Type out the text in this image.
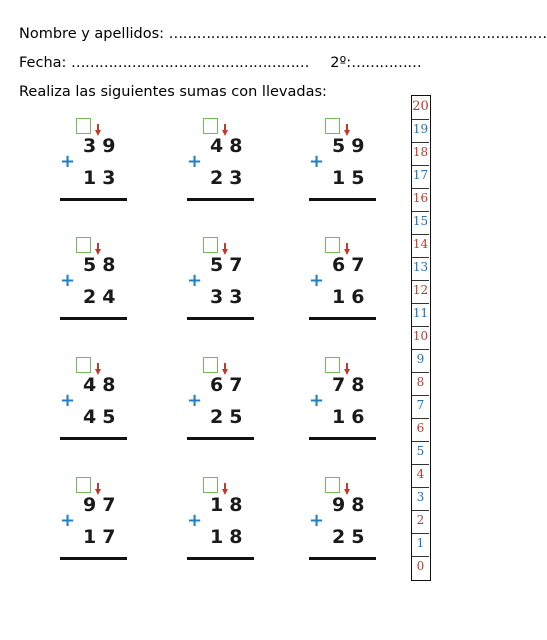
Nombre y apellidos: ………………………………………………………………………
Fecha: …………………………………………… 2º:……………
Realiza las siguientes sumas con llevadas:
39
+
13
48
+
23
59
+
15
58
+
24
57
+
33
67
+
16
48
+
45
67
+
25
78
+
16
97
+
17
18
+
18
98
+
25
20
19
18
17
16
15
14
13
12
11
10
9
8
7
6
5
4
3
2
1
0
